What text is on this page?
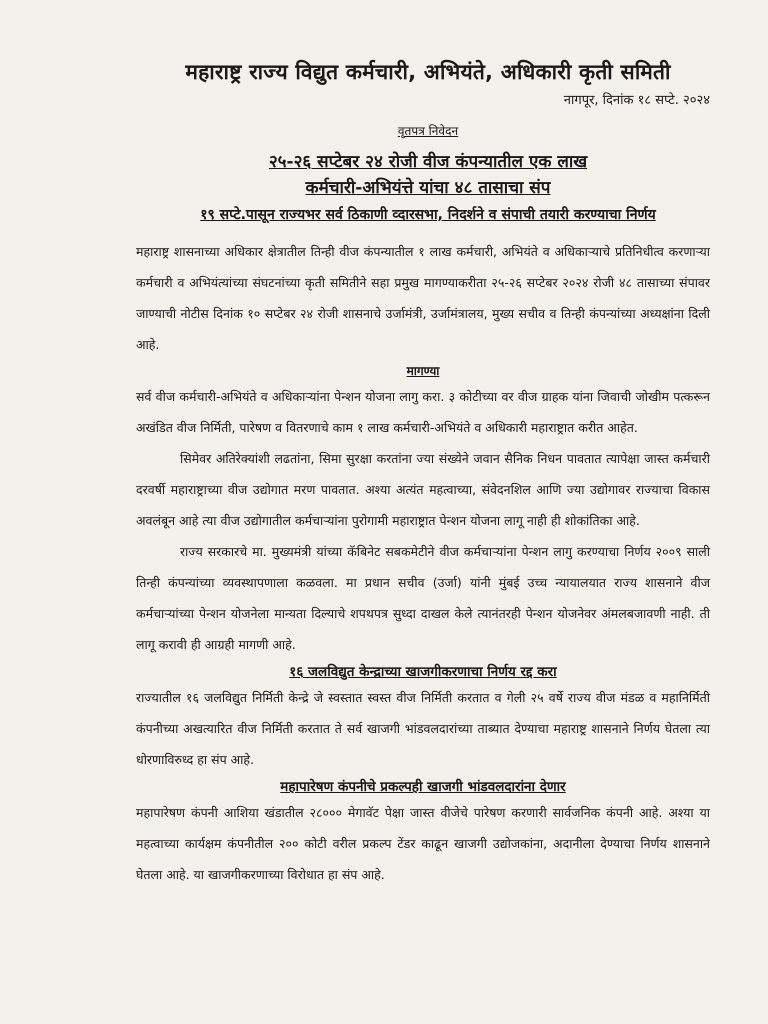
महाराष्ट्र राज्य विद्युत कर्मचारी, अभियंते, अधिकारी कृती समिती
नागपूर, दिनांक १८ सप्टे. २०२४
वृतपत्र निवेदन
२५-२६ सप्टेबर २४ रोजी वीज कंपन्यातील एक लाख
कर्मचारी-अभियंत्ते यांचा ४८ तासाचा संप
१९ सप्टे.पासून राज्यभर सर्व ठिकाणी व्दारसभा, निदर्शने व संपाची तयारी करण्याचा निर्णय

महाराष्ट्र शासनाच्या अधिकार क्षेत्रातील तिन्ही वीज कंपन्यातील १ लाख कर्मचारी, अभियंते व अधिकाऱ्याचे प्रतिनिधीत्व करणाऱ्या कर्मचारी व अभियंत्यांच्या संघटनांच्या कृती समितीने सहा प्रमुख मागण्याकरीता २५-२६ सप्टेबर २०२४ रोजी ४८ तासाच्या संपावर जाण्याची नोटीस दिनांक १० सप्टेबर २४ रोजी शासनाचे उर्जामंत्री, उर्जामंत्रालय, मुख्य सचीव व तिन्ही कंपन्यांच्या अध्यक्षांना दिली आहे.

मागण्या

सर्व वीज कर्मचारी-अभियंते व अधिकाऱ्यांना पेन्शन योजना लागु करा. ३ कोटीच्या वर वीज ग्राहक यांना जिवाची जोखीम पत्करून अखंडित वीज निर्मिती, पारेषण व वितरणाचे काम १ लाख कर्मचारी-अभियंते व अधिकारी महाराष्ट्रात करीत आहेत.

सिमेवर अतिरेक्यांशी लढतांना, सिमा सुरक्षा करतांना ज्या संख्येने जवान सैनिक निधन पावतात त्यापेक्षा जास्त कर्मचारी दरवर्षी महाराष्ट्राच्या वीज उद्योगात मरण पावतात. अश्या अत्यंत महत्वाच्या, संवेदनशिल आणि ज्या उद्योगावर राज्याचा विकास अवलंबून आहे त्या वीज उद्योगातील कर्मचाऱ्यांना पुरोगामी महाराष्ट्रात पेन्शन योजना लागू नाही ही शोकांतिका आहे.

राज्य सरकारचे मा. मुख्यमंत्री यांच्या कॅबिनेट सबकमेटीने वीज कर्मचाऱ्यांना पेन्शन लागु करण्याचा निर्णय २००९ साली तिन्ही कंपन्यांच्या व्यवस्थापणाला कळवला. मा प्रधान सचीव (उर्जा) यांनी मुंबई उच्च न्यायालयात राज्य शासनाने वीज कर्मचाऱ्यांच्या पेन्शन योजनेला मान्यता दिल्याचे शपथपत्र सुध्दा दाखल केले त्यानंतरही पेन्शन योजनेवर अंमलबजावणी नाही. ती लागू करावी ही आग्रही मागणी आहे.

१६ जलविद्युत केन्द्राच्या खाजगीकरणाचा निर्णय रद्द करा

राज्यातील १६ जलविद्युत निर्मिती केन्द्रे जे स्वस्तात स्वस्त वीज निर्मिती करतात व गेली २५ वर्षे राज्य वीज मंडळ व महानिर्मिती कंपनीच्या अखत्यारित वीज निर्मिती करतात ते सर्व खाजगी भांडवलदारांच्या ताब्यात देण्याचा महाराष्ट्र शासनाने निर्णय घेतला त्या धोरणाविरुध्द हा संप आहे.

महापारेषण कंपनीचे प्रकल्पही खाजगी भांडवलदारांना देणार

महापारेषण कंपनी आशिया खंडातील २८००० मेगावॅट पेक्षा जास्त वीजेचे पारेषण करणारी सार्वजनिक कंपनी आहे. अश्या या महत्वाच्या कार्यक्षम कंपनीतील २०० कोटी वरील प्रकल्प टेंडर काढून खाजगी उद्योजकांना, अदानीला देण्याचा निर्णय शासनाने घेतला आहे. या खाजगीकरणाच्या विरोधात हा संप आहे.
